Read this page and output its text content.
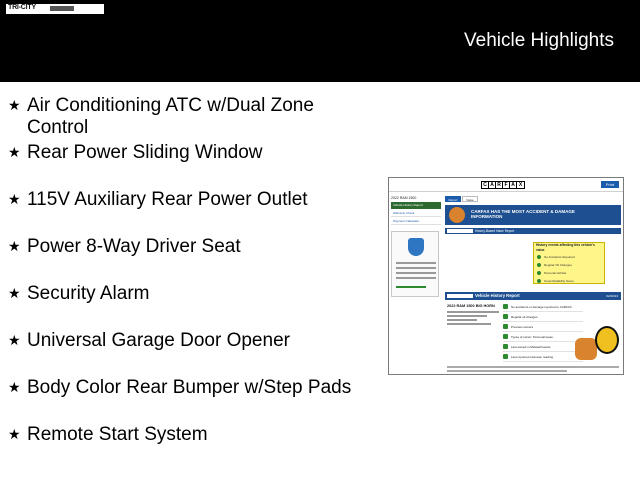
TRI-CITY
Vehicle Highlights
★ Air Conditioning ATC w/Dual Zone Control
★ Rear Power Sliding Window
★ 115V Auxiliary Rear Power Outlet
★ Power 8-Way Driver Seat
★ Security Alarm
★ Universal Garage Door Opener
★ Body Color Rear Bumper w/Step Pads
★ Remote Start System
C A R F A X	Print
2022 RAM 1500
Vehicle History Report
Warranty Check
Payment Calculator
Report	Value
CARFAX HAS THE MOST ACCIDENT & DAMAGE INFORMATION
History-Based Value Report
History events affecting this vehicle's value
No Accidents Reported
Regular Oil Changes
Personal Vehicle
Great Reliability Score
Vehicle History Report	02/20/24
2022 RAM 1500 BIG HORN	No accidents or damage reported to CARFAX
Regular oil changes
Previous owners
Types of owner: Personal lease
Last owned in Massachusetts
Last reported odometer reading
